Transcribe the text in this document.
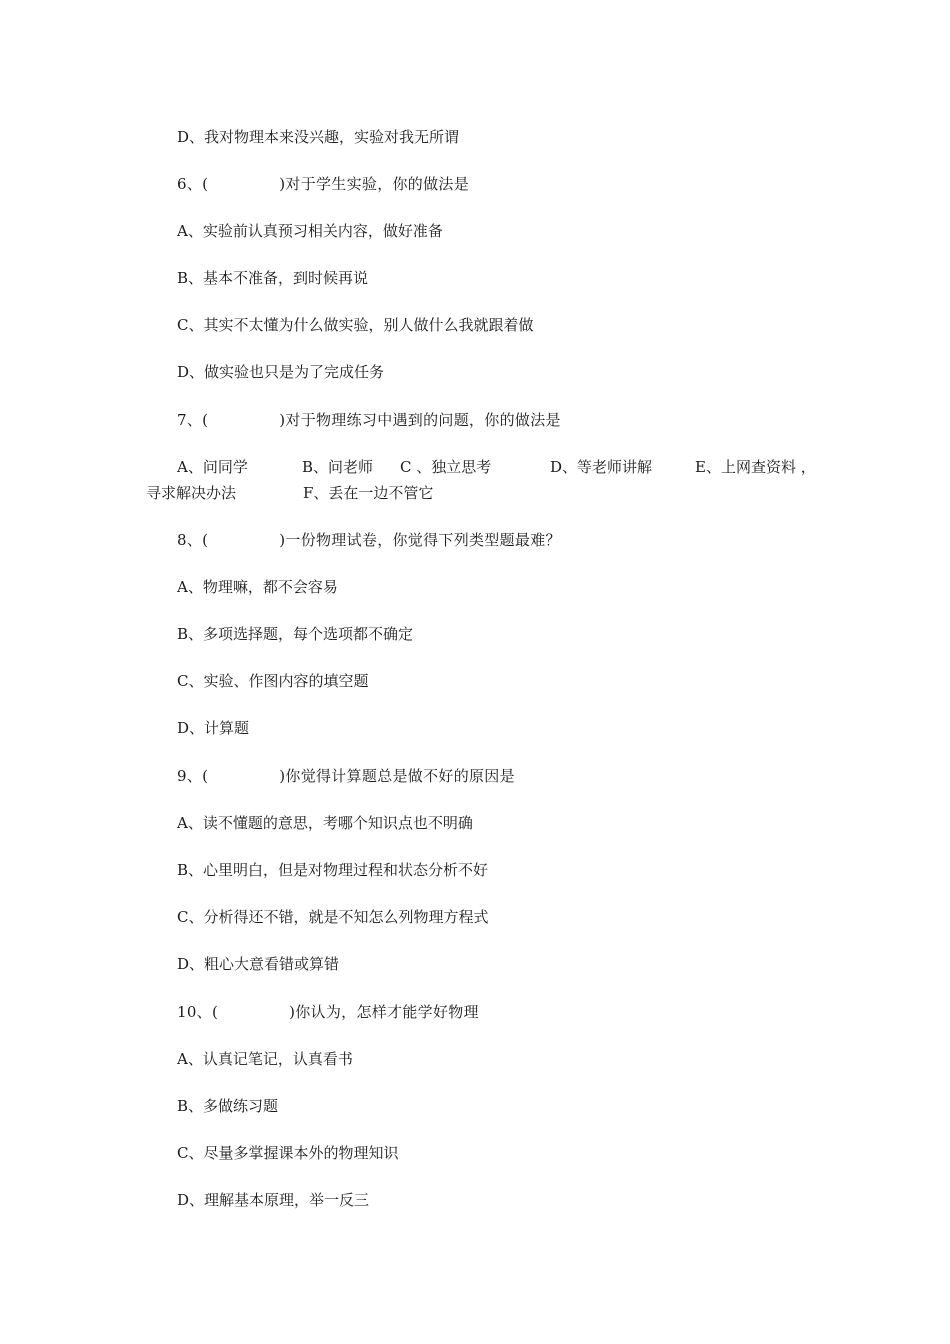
D、我对物理本来没兴趣，实验对我无所谓
6、(              )对于学生实验，你的做法是
A、实验前认真预习相关内容，做好准备
B、基本不准备，到时候再说
C、其实不太懂为什么做实验，别人做什么我就跟着做
D、做实验也只是为了完成任务
7、(              )对于物理练习中遇到的问题，你的做法是

A、问同学

	B、问老师

C 、独立思考

	D、等老师讲解

	E、上网查资料 ，

寻求解决办法

	F、丢在一边不管它

8、(              )一份物理试卷，你觉得下列类型题最难？
A、物理嘛，都不会容易
B、多项选择题，每个选项都不确定
C、实验、作图内容的填空题
D、计算题
9、(              )你觉得计算题总是做不好的原因是
A、读不懂题的意思，考哪个知识点也不明确
B、心里明白，但是对物理过程和状态分析不好
C、分析得还不错，就是不知怎么列物理方程式
D、粗心大意看错或算错
10、(              )你认为，怎样才能学好物理
A、认真记笔记，认真看书
B、多做练习题
C、尽量多掌握课本外的物理知识
D、理解基本原理，举一反三
